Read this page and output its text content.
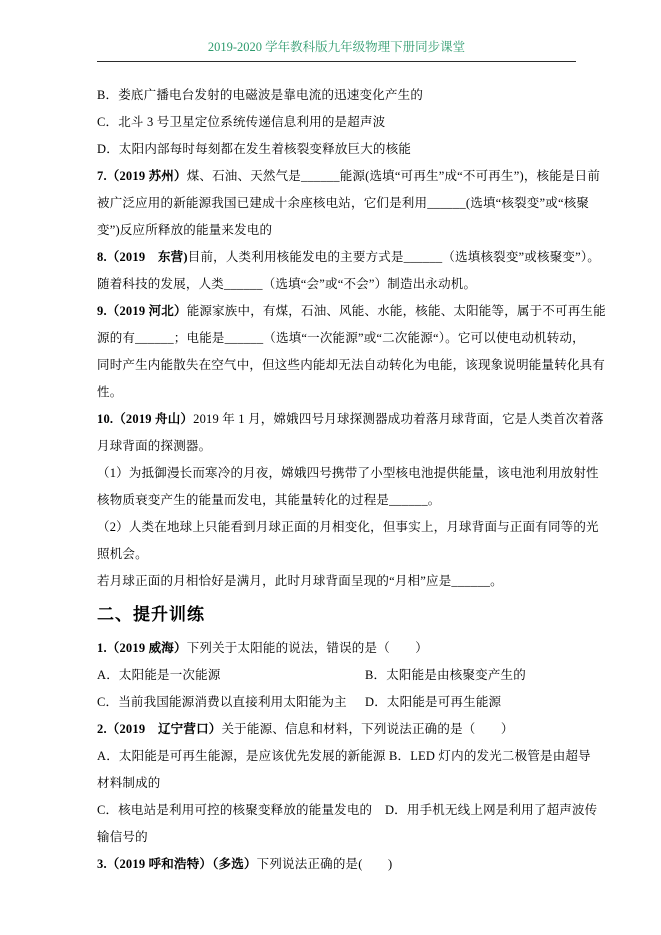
2019-2020 学年教科版九年级物理下册同步课堂
B．娄底广播电台发射的电磁波是靠电流的迅速变化产生的
C．北斗 3 号卫星定位系统传递信息利用的是超声波
D．太阳内部每时每刻都在发生着核裂变释放巨大的核能
7.（2019 苏州）煤、石油、天然气是______能源(选填“可再生”成“不可再生”)，核能是日前
被广泛应用的新能源我国已建成十余座核电站，它们是利用______(选填“核裂变”或“核聚
变”)反应所释放的能量来发电的
8.（2019　东营)目前，人类利用核能发电的主要方式是______（选填核裂变”或核聚变”）。
随着科技的发展，人类______（选填“会”或“不会”）制造出永动机。
9.（2019 河北）能源家族中，有煤，石油、风能、水能，核能、太阳能等，属于不可再生能
源的有______；电能是______（选填“一次能源”或“二次能源“）。它可以使电动机转动，
同时产生内能散失在空气中，但这些内能却无法自动转化为电能，该现象说明能量转化具有
性。
10.（2019 舟山）2019 年 1 月，嫦娥四号月球探测器成功着落月球背面，它是人类首次着落
月球背面的探测器。
（1）为抵御漫长而寒冷的月夜，嫦娥四号携带了小型核电池提供能量，该电池利用放射性
核物质衰变产生的能量而发电，其能量转化的过程是______。
（2）人类在地球上只能看到月球正面的月相变化，但事实上，月球背面与正面有同等的光
照机会。
若月球正面的月相恰好是满月，此时月球背面呈现的“月相”应是______。
二、提升训练
1.（2019 威海）下列关于太阳能的说法，错误的是（　　）
A．太阳能是一次能源	B．太阳能是由核聚变产生的
C．当前我国能源消费以直接利用太阳能为主 D．太阳能是可再生能源
2.（2019　辽宁营口）关于能源、信息和材料，下列说法正确的是（　　）
A．太阳能是可再生能源，是应该优先发展的新能源 B．LED 灯内的发光二极管是由超导
材料制成的
C．核电站是利用可控的核聚变释放的能量发电的　D．用手机无线上网是利用了超声波传
输信号的
3.（2019 呼和浩特）（多选）下列说法正确的是(　　)
